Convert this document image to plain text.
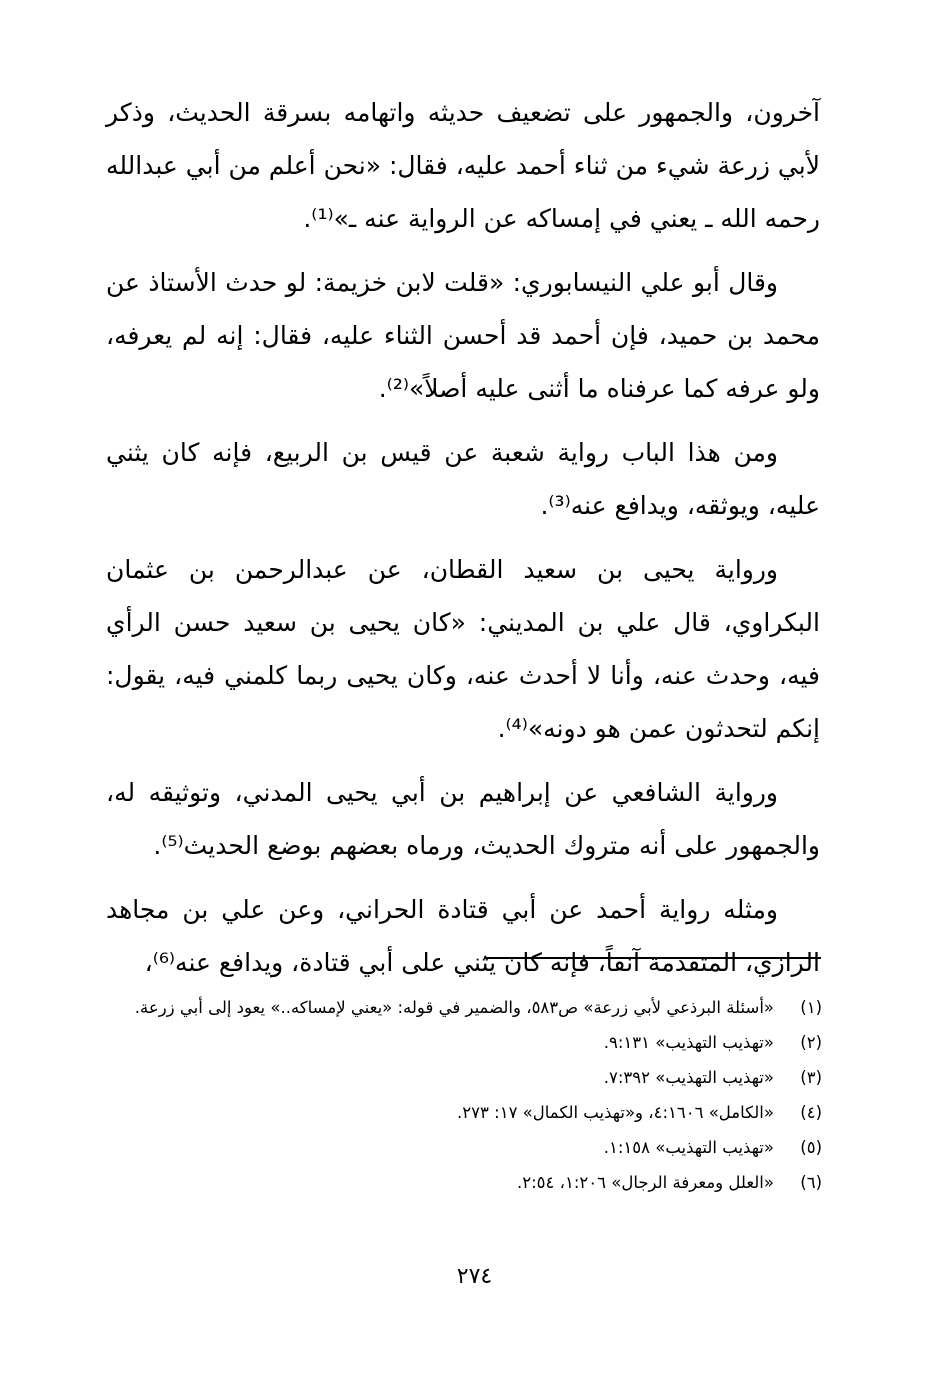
آخرون، والجمهور على تضعيف حديثه واتهامه بسرقة الحديث، وذكر لأبي زرعة شيء من ثناء أحمد عليه، فقال: «نحن أعلم من أبي عبدالله رحمه الله ـ يعني في إمساكه عن الرواية عنه ـ»⁽¹⁾.

وقال أبو علي النيسابوري: «قلت لابن خزيمة: لو حدث الأستاذ عن محمد بن حميد، فإن أحمد قد أحسن الثناء عليه، فقال: إنه لم يعرفه، ولو عرفه كما عرفناه ما أثنى عليه أصلاً»⁽²⁾.

ومن هذا الباب رواية شعبة عن قيس بن الربيع، فإنه كان يثني عليه، ويوثقه، ويدافع عنه⁽³⁾.

ورواية يحيى بن سعيد القطان، عن عبدالرحمن بن عثمان البكراوي، قال علي بن المديني: «كان يحيى بن سعيد حسن الرأي فيه، وحدث عنه، وأنا لا أحدث عنه، وكان يحيى ربما كلمني فيه، يقول: إنكم لتحدثون عمن هو دونه»⁽⁴⁾.

ورواية الشافعي عن إبراهيم بن أبي يحيى المدني، وتوثيقه له، والجمهور على أنه متروك الحديث، ورماه بعضهم بوضع الحديث⁽⁵⁾.

ومثله رواية أحمد عن أبي قتادة الحراني، وعن علي بن مجاهد الرازي، المتقدمة آنفاً، فإنه كان يثني على أبي قتادة، ويدافع عنه⁽⁶⁾،

(١)
«أسئلة البرذعي لأبي زرعة» ص٥٨٣، والضمير في قوله: «يعني لإمساكه..» يعود إلى أبي زرعة.
(٢)
«تهذيب التهذيب» ٩:١٣١.
(٣)
«تهذيب التهذيب» ٧:٣٩٢.
(٤)
«الكامل» ٤:١٦٠٦، و«تهذيب الكمال» ١٧: ٢٧٣.
(٥)
«تهذيب التهذيب» ١:١٥٨.
(٦)
«العلل ومعرفة الرجال» ١:٢٠٦، ٢:٥٤.
٢٧٤
